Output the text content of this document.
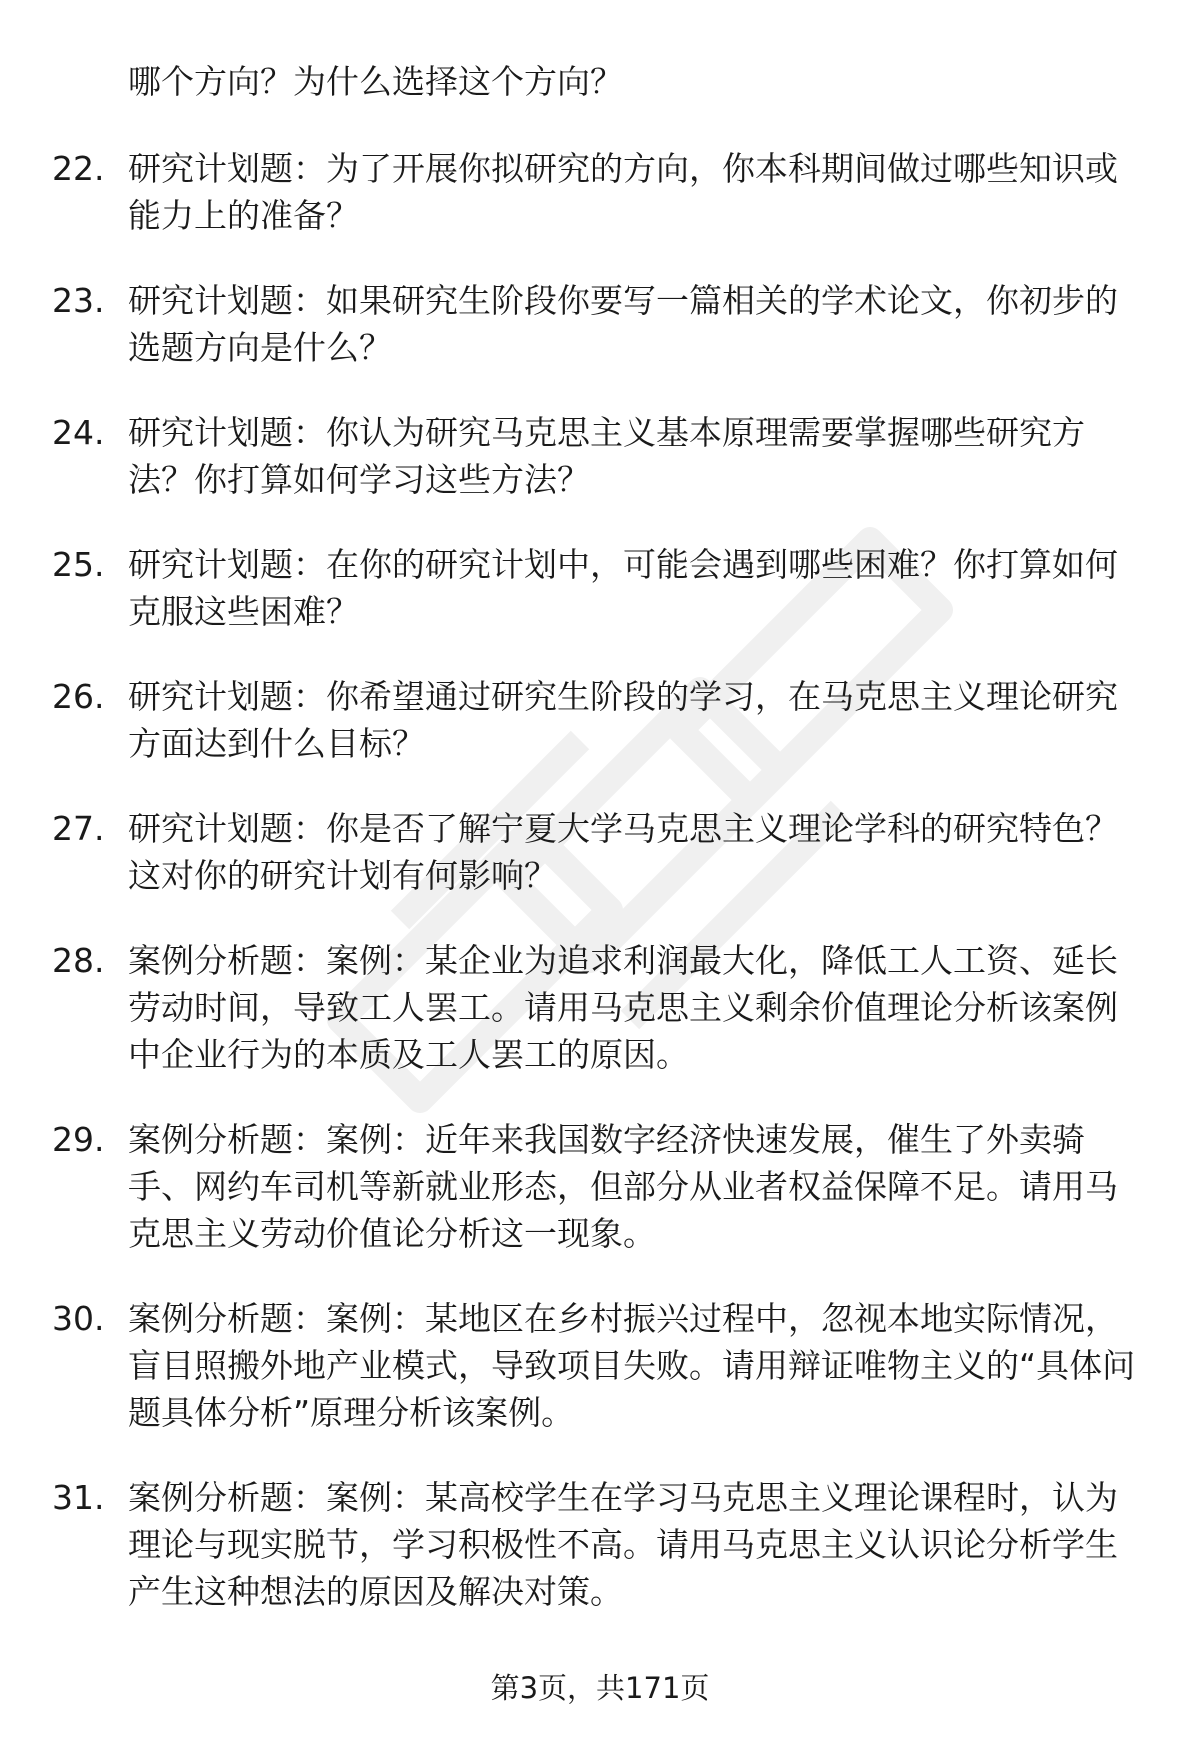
哪个方向？为什么选择这个方向？
22. 研究计划题：为了开展你拟研究的方向，你本科期间做过哪些知识或能力上的准备？
23. 研究计划题：如果研究生阶段你要写一篇相关的学术论文，你初步的选题方向是什么？
24. 研究计划题：你认为研究马克思主义基本原理需要掌握哪些研究方法？你打算如何学习这些方法？
25. 研究计划题：在你的研究计划中，可能会遇到哪些困难？你打算如何克服这些困难？
26. 研究计划题：你希望通过研究生阶段的学习，在马克思主义理论研究方面达到什么目标？
27. 研究计划题：你是否了解宁夏大学马克思主义理论学科的研究特色？这对你的研究计划有何影响？
28. 案例分析题：案例：某企业为追求利润最大化，降低工人工资、延长劳动时间，导致工人罢工。请用马克思主义剩余价值理论分析该案例中企业行为的本质及工人罢工的原因。
29. 案例分析题：案例：近年来我国数字经济快速发展，催生了外卖骑手、网约车司机等新就业形态，但部分从业者权益保障不足。请用马克思主义劳动价值论分析这一现象。
30. 案例分析题：案例：某地区在乡村振兴过程中，忽视本地实际情况，盲目照搬外地产业模式，导致项目失败。请用辩证唯物主义的“具体问题具体分析”原理分析该案例。
31. 案例分析题：案例：某高校学生在学习马克思主义理论课程时，认为理论与现实脱节，学习积极性不高。请用马克思主义认识论分析学生产生这种想法的原因及解决对策。
第3页，共171页
